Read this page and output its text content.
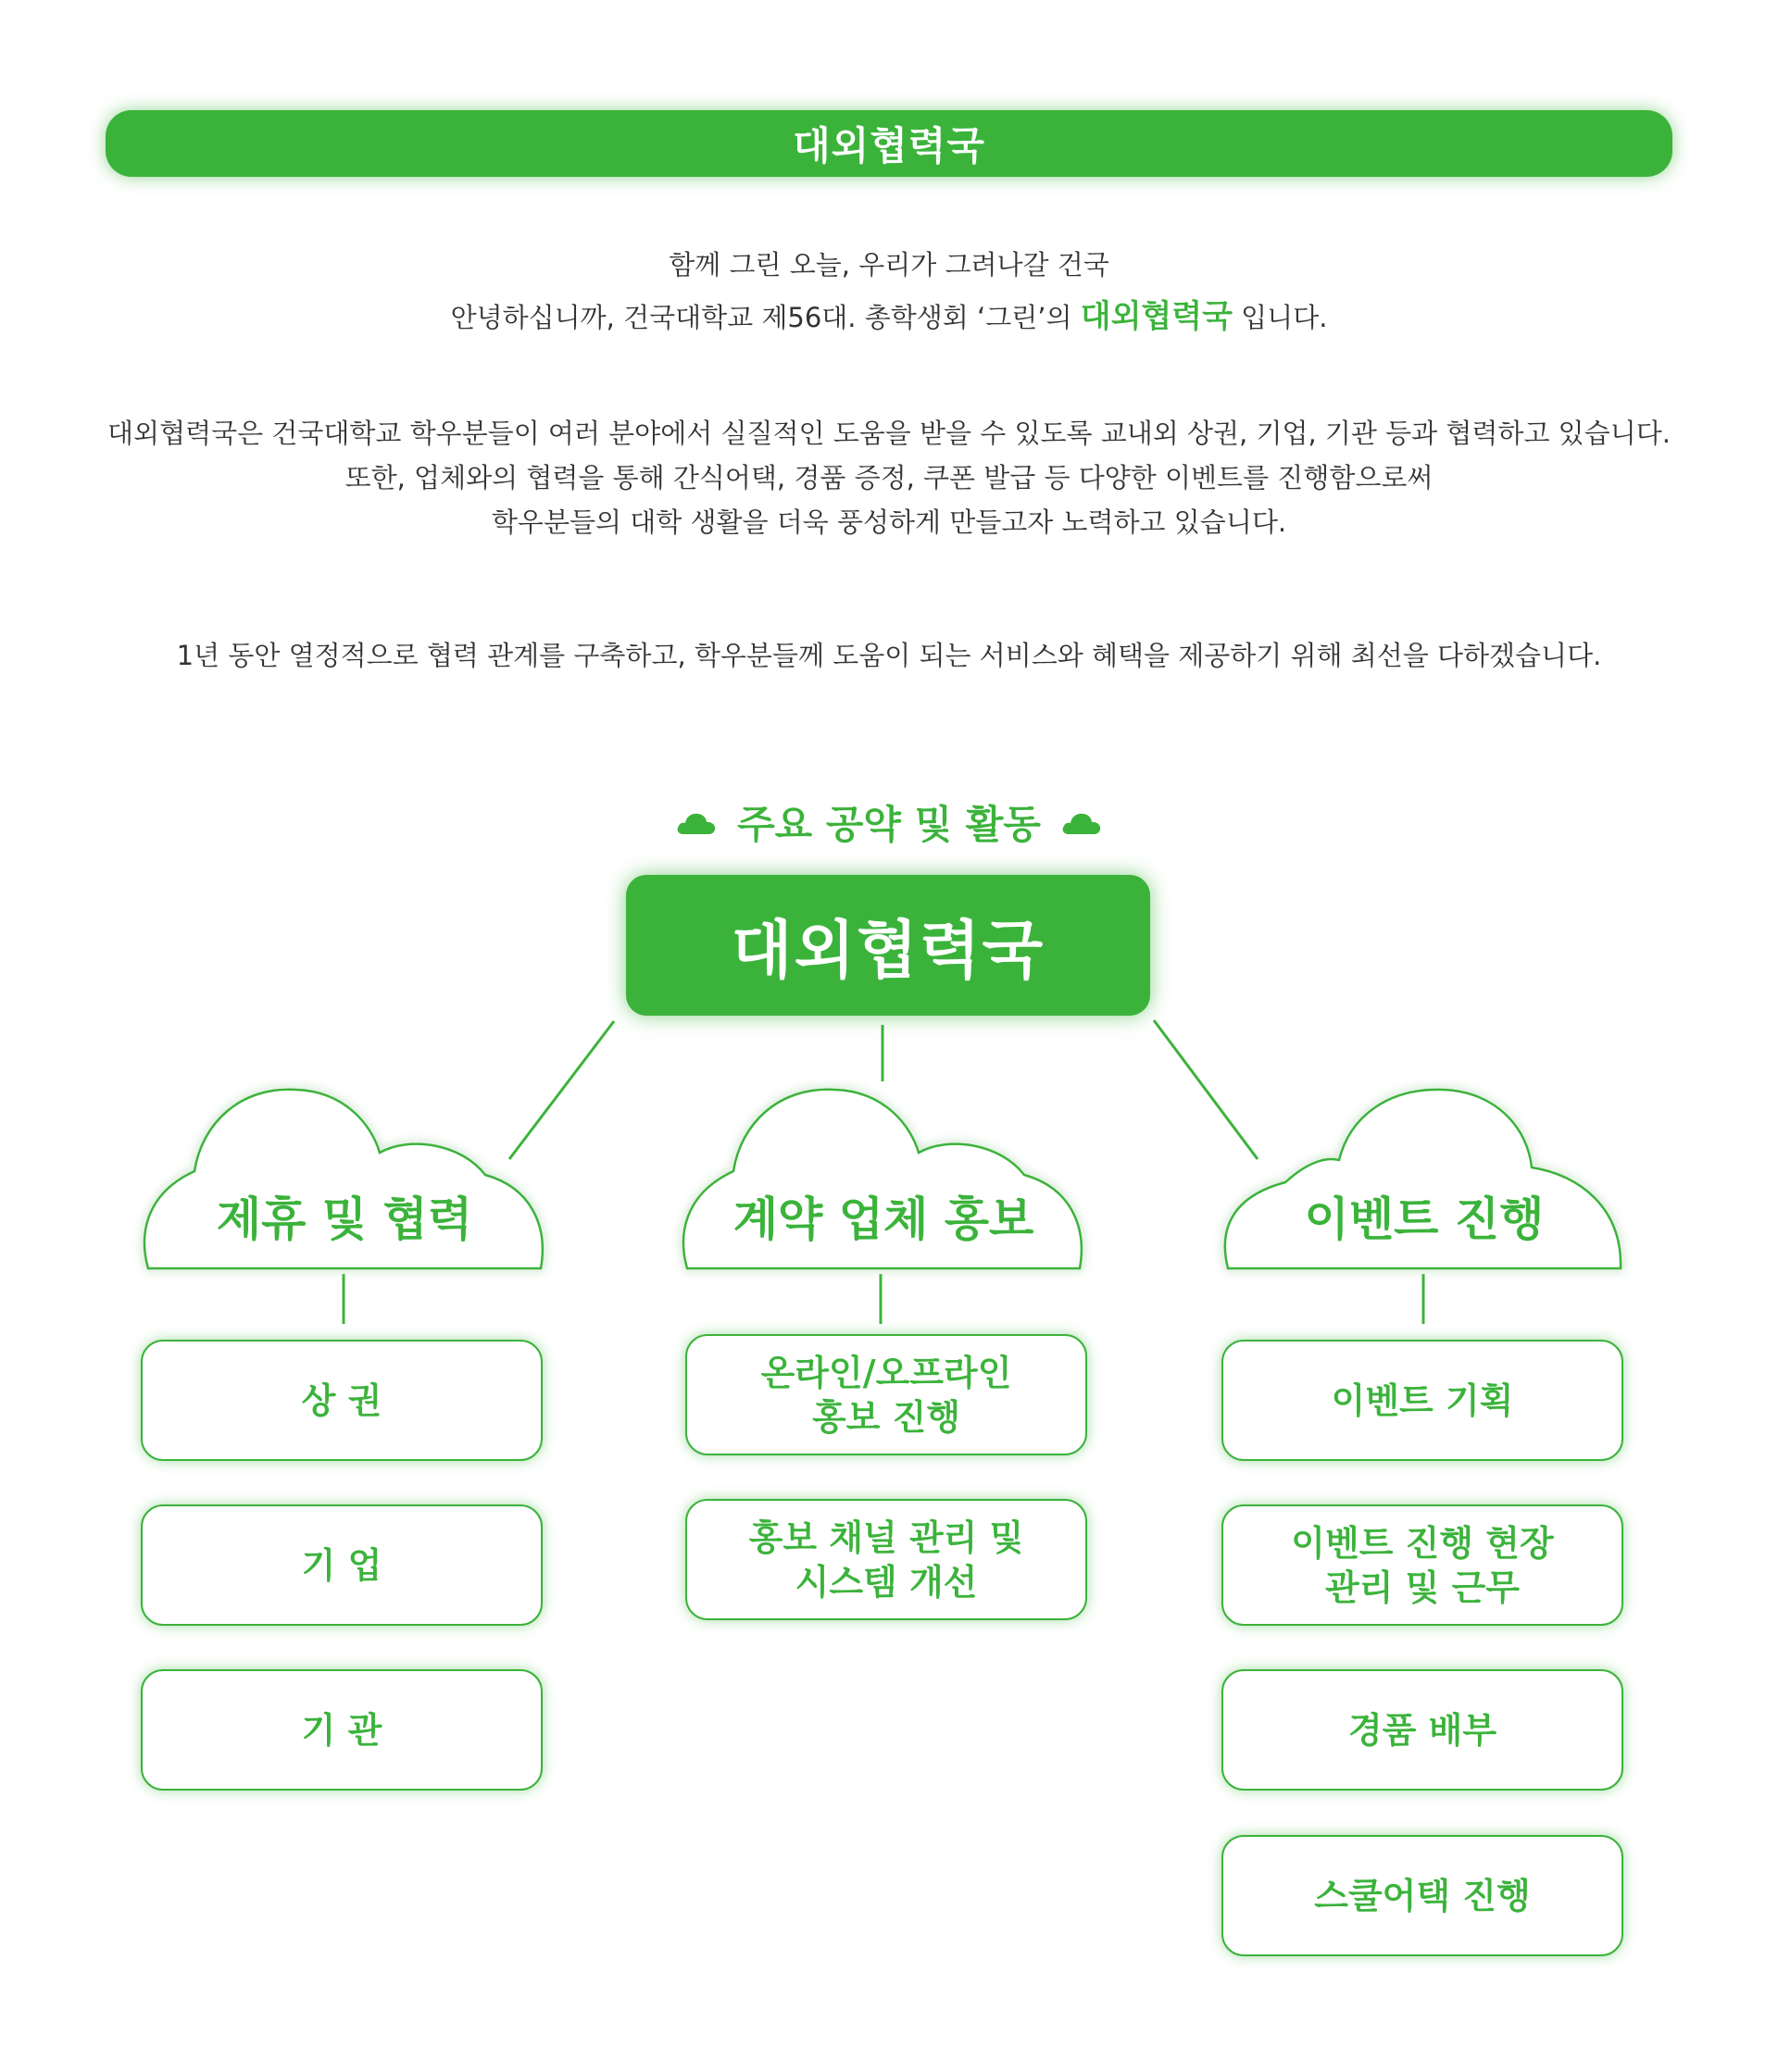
대외협력국
함께 그린 오늘, 우리가 그려나갈 건국
안녕하십니까, 건국대학교 제56대. 총학생회 ‘그린’의 대외협력국 입니다.
대외협력국은 건국대학교 학우분들이 여러 분야에서 실질적인 도움을 받을 수 있도록 교내외 상권, 기업, 기관 등과 협력하고 있습니다.
또한, 업체와의 협력을 통해 간식어택, 경품 증정, 쿠폰 발급 등 다양한 이벤트를 진행함으로써
학우분들의 대학 생활을 더욱 풍성하게 만들고자 노력하고 있습니다.
1년 동안 열정적으로 협력 관계를 구축하고, 학우분들께 도움이 되는 서비스와 혜택을 제공하기 위해 최선을 다하겠습니다.
주요 공약 및 활동
대외협력국
제휴 및 협력	계약 업체 홍보	이벤트 진행
상 권
기 업
기 관
온라인/오프라인
홍보 진행
홍보 채널 관리 및
시스템 개선
이벤트 기획
이벤트 진행 현장
관리 및 근무
경품 배부
스쿨어택 진행
